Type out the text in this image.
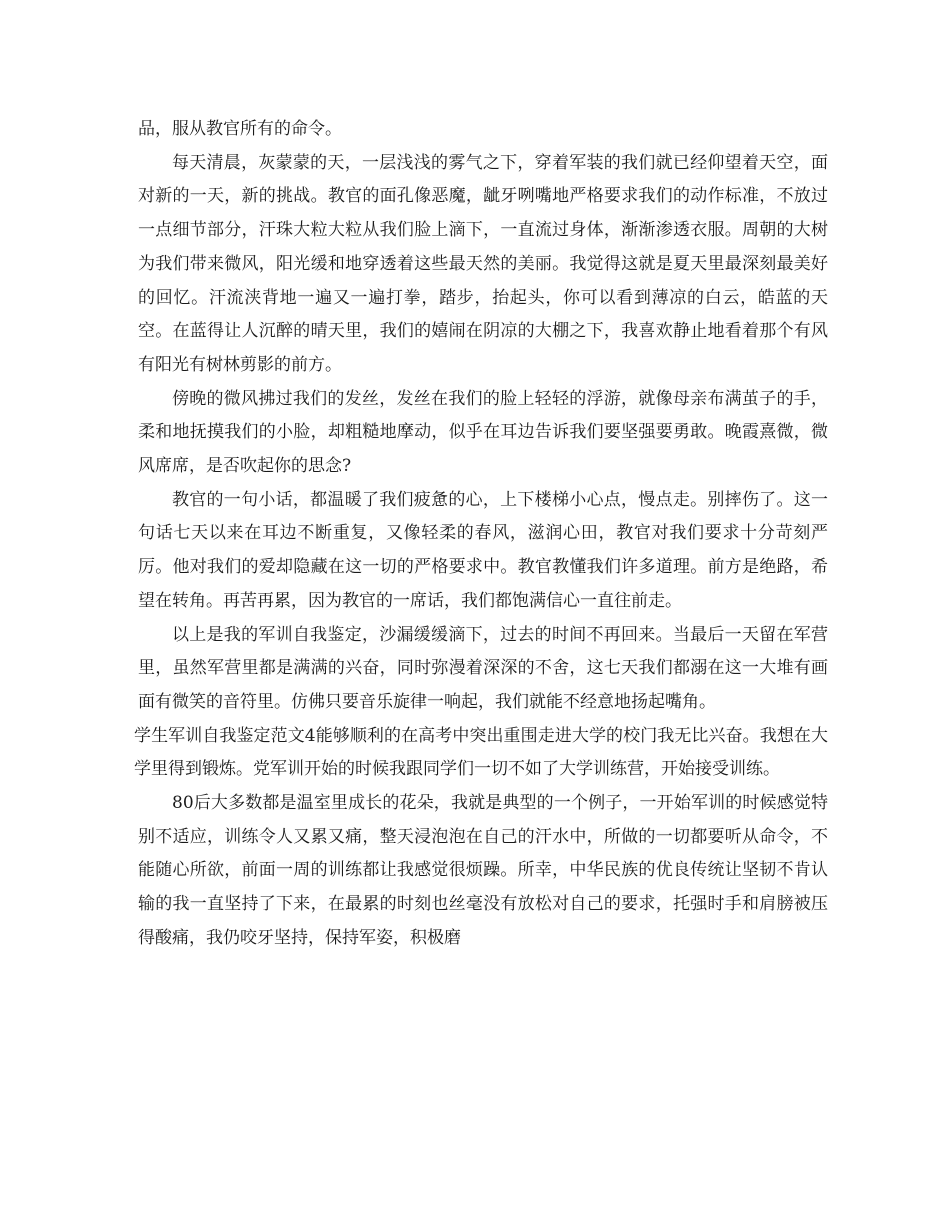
品，服从教官所有的命令。

每天清晨，灰蒙蒙的天，一层浅浅的雾气之下，穿着军装的我们就已经仰望着天空，面对新的一天，新的挑战。教官的面孔像恶魔，龇牙咧嘴地严格要求我们的动作标准，不放过一点细节部分，汗珠大粒大粒从我们脸上滴下，一直流过身体，渐渐渗透衣服。周朝的大树为我们带来微风，阳光缓和地穿透着这些最天然的美丽。我觉得这就是夏天里最深刻最美好的回忆。汗流浃背地一遍又一遍打拳，踏步，抬起头，你可以看到薄凉的白云，皓蓝的天空。在蓝得让人沉醉的晴天里，我们的嬉闹在阴凉的大棚之下，我喜欢静止地看着那个有风有阳光有树林剪影的前方。

傍晚的微风拂过我们的发丝，发丝在我们的脸上轻轻的浮游，就像母亲布满茧子的手，柔和地抚摸我们的小脸，却粗糙地摩动，似乎在耳边告诉我们要坚强要勇敢。晚霞熹微，微风席席，是否吹起你的思念?

教官的一句小话，都温暖了我们疲惫的心，上下楼梯小心点，慢点走。别摔伤了。这一句话七天以来在耳边不断重复，又像轻柔的春风，滋润心田，教官对我们要求十分苛刻严厉。他对我们的爱却隐藏在这一切的严格要求中。教官教懂我们许多道理。前方是绝路，希望在转角。再苦再累，因为教官的一席话，我们都饱满信心一直往前走。

以上是我的军训自我鉴定，沙漏缓缓滴下，过去的时间不再回来。当最后一天留在军营里，虽然军营里都是满满的兴奋，同时弥漫着深深的不舍，这七天我们都溺在这一大堆有画面有微笑的音符里。仿佛只要音乐旋律一响起，我们就能不经意地扬起嘴角。

学生军训自我鉴定范文4能够顺利的在高考中突出重围走进大学的校门我无比兴奋。我想在大学里得到锻炼。党军训开始的时候我跟同学们一切不如了大学训练营，开始接受训练。

80后大多数都是温室里成长的花朵，我就是典型的一个例子，一开始军训的时候感觉特别不适应，训练令人又累又痛，整天浸泡泡在自己的汗水中，所做的一切都要听从命令，不能随心所欲，前面一周的训练都让我感觉很烦躁。所幸，中华民族的优良传统让坚韧不肯认输的我一直坚持了下来，在最累的时刻也丝毫没有放松对自己的要求，托强时手和肩膀被压得酸痛，我仍咬牙坚持，保持军姿，积极磨
